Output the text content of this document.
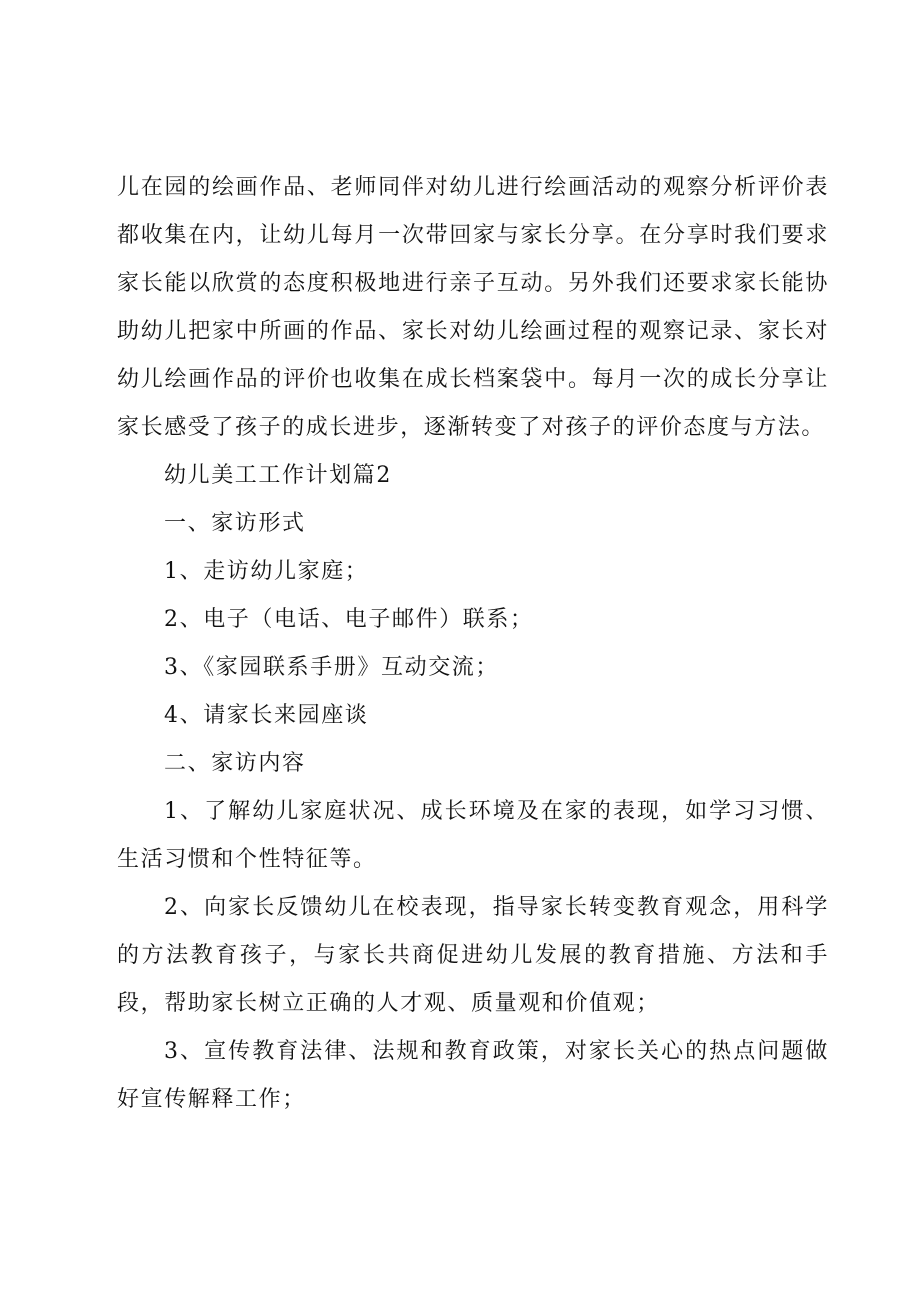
儿在园的绘画作品、老师同伴对幼儿进行绘画活动的观察分析评价表都收集在内，让幼儿每月一次带回家与家长分享。在分享时我们要求家长能以欣赏的态度积极地进行亲子互动。另外我们还要求家长能协助幼儿把家中所画的作品、家长对幼儿绘画过程的观察记录、家长对幼儿绘画作品的评价也收集在成长档案袋中。每月一次的成长分享让家长感受了孩子的成长进步，逐渐转变了对孩子的评价态度与方法。

幼儿美工工作计划篇2

一、家访形式

1、走访幼儿家庭；

2、电子（电话、电子邮件）联系；

3、《家园联系手册》互动交流；

4、请家长来园座谈

二、家访内容

1、了解幼儿家庭状况、成长环境及在家的表现，如学习习惯、生活习惯和个性特征等。

2、向家长反馈幼儿在校表现，指导家长转变教育观念，用科学的方法教育孩子，与家长共商促进幼儿发展的教育措施、方法和手段，帮助家长树立正确的人才观、质量观和价值观；

3、宣传教育法律、法规和教育政策，对家长关心的热点问题做好宣传解释工作；
